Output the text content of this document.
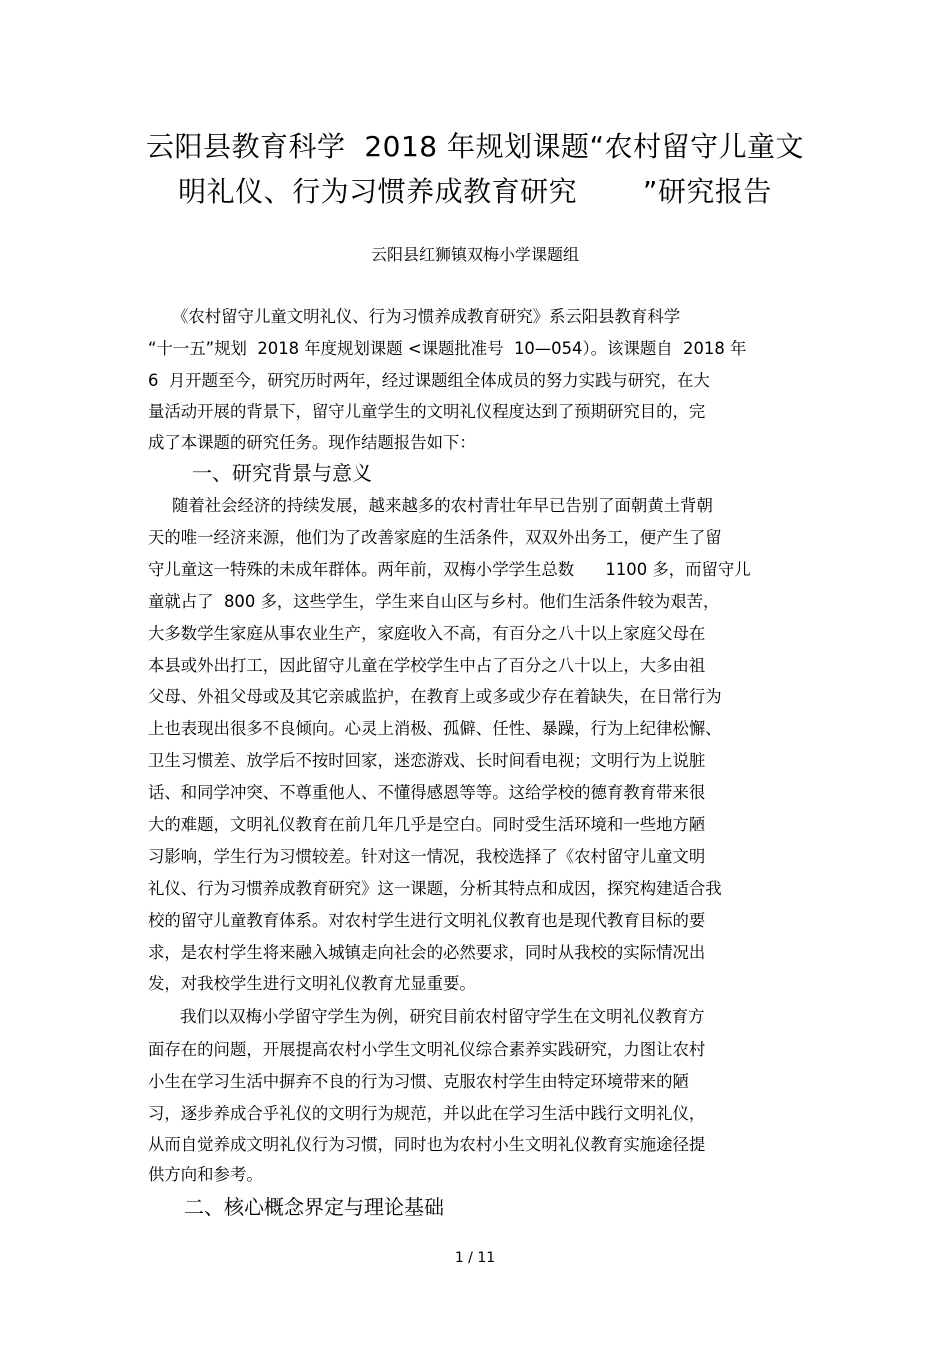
云阳县教育科学  2018 年规划课题“农村留守儿童文
明礼仪、行为习惯养成教育研究       ”研究报告
云阳县红狮镇双梅小学课题组
《农村留守儿童文明礼仪、行为习惯养成教育研究》系云阳县教育科学
“十一五”规划  2018 年度规划课题 <课题批准号  10—054）。该课题自  2018 年
6  月开题至今，研究历时两年，经过课题组全体成员的努力实践与研究，在大
量活动开展的背景下，留守儿童学生的文明礼仪程度达到了预期研究目的，完
成了本课题的研究任务。现作结题报告如下：
一、研究背景与意义
随着社会经济的持续发展，越来越多的农村青壮年早已告别了面朝黄土背朝
天的唯一经济来源，他们为了改善家庭的生活条件，双双外出务工，便产生了留
守儿童这一特殊的未成年群体。两年前，双梅小学学生总数      1100 多，而留守儿
童就占了  800 多，这些学生，学生来自山区与乡村。他们生活条件较为艰苦，
大多数学生家庭从事农业生产，家庭收入不高，有百分之八十以上家庭父母在
本县或外出打工，因此留守儿童在学校学生中占了百分之八十以上，大多由祖
父母、外祖父母或及其它亲戚监护，在教育上或多或少存在着缺失，在日常行为
上也表现出很多不良倾向。心灵上消极、孤僻、任性、暴躁，行为上纪律松懈、
卫生习惯差、放学后不按时回家，迷恋游戏、长时间看电视；文明行为上说脏
话、和同学冲突、不尊重他人、不懂得感恩等等。这给学校的德育教育带来很
大的难题，文明礼仪教育在前几年几乎是空白。同时受生活环境和一些地方陋
习影响，学生行为习惯较差。针对这一情况，我校选择了《农村留守儿童文明
礼仪、行为习惯养成教育研究》这一课题，分析其特点和成因，探究构建适合我
校的留守儿童教育体系。对农村学生进行文明礼仪教育也是现代教育目标的要
求，是农村学生将来融入城镇走向社会的必然要求，同时从我校的实际情况出
发，对我校学生进行文明礼仪教育尤显重要。
我们以双梅小学留守学生为例，研究目前农村留守学生在文明礼仪教育方
面存在的问题，开展提高农村小学生文明礼仪综合素养实践研究，力图让农村
小生在学习生活中摒弃不良的行为习惯、克服农村学生由特定环境带来的陋
习，逐步养成合乎礼仪的文明行为规范，并以此在学习生活中践行文明礼仪，
从而自觉养成文明礼仪行为习惯，同时也为农村小生文明礼仪教育实施途径提
供方向和参考。
二、核心概念界定与理论基础
1 / 11
